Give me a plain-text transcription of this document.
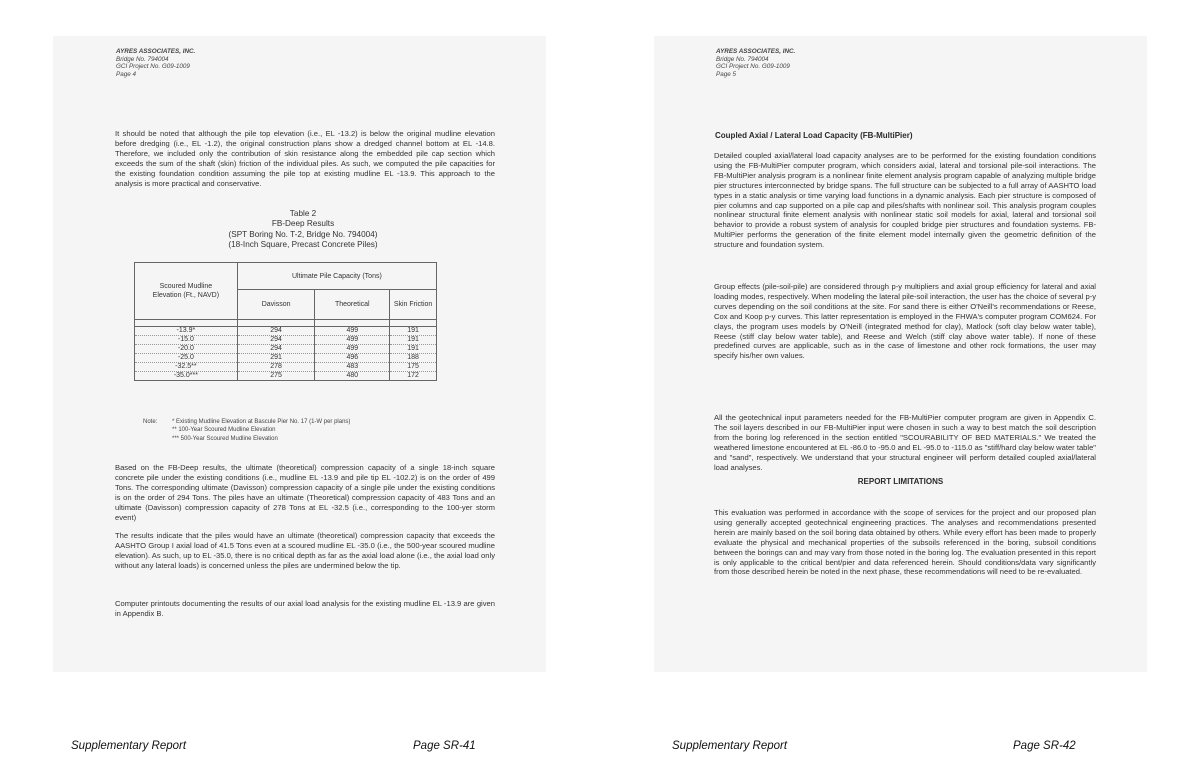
AYRES ASSOCIATES, INC.
Bridge No. 794004
GCI Project No. G09-1009
Page 4

It should be noted that although the pile top elevation (i.e., EL -13.2) is below the original mudline elevation before dredging (i.e., EL -1.2), the original construction plans show a dredged channel bottom at EL -14.8. Therefore, we included only the contribution of skin resistance along the embedded pile cap section which exceeds the sum of the shaft (skin) friction of the individual piles. As such, we computed the pile capacities for the existing foundation condition assuming the pile top at existing mudline EL -13.9. This approach to the analysis is more practical and conservative.

Table 2
FB-Deep Results
(SPT Boring No. T-2, Bridge No. 794004)
(18-Inch Square, Precast Concrete Piles)
Scoured Mudline Elevation (Ft., NAVD)	Ultimate Pile Capacity (Tons)		
	Davisson	Theoretical	Skin Friction

-13.9*	294	499	191
-15.0	294	499	191
-20.0	294	499	191
-25.0	291	496	188
-32.5**	278	483	175
-35.0***	275	480	172
Note: * Existing Mudline Elevation at Bascule Pier No. 17 (1-W per plans)
** 100-Year Scoured Mudline Elevation
*** 500-Year Scoured Mudline Elevation

Based on the FB-Deep results, the ultimate (theoretical) compression capacity of a single 18-inch square concrete pile under the existing conditions (i.e., mudline EL -13.9 and pile tip EL -102.2) is on the order of 499 Tons. The corresponding ultimate (Davisson) compression capacity of a single pile under the existing conditions is on the order of 294 Tons. The piles have an ultimate (Theoretical) compression capacity of 483 Tons and an ultimate (Davisson) compression capacity of 278 Tons at EL -32.5 (i.e., corresponding to the 100-yer storm event)

The results indicate that the piles would have an ultimate (theoretical) compression capacity that exceeds the AASHTO Group I axial load of 41.5 Tons even at a scoured mudline EL -35.0 (i.e., the 500-year scoured mudline elevation). As such, up to EL -35.0, there is no critical depth as far as the axial load alone (i.e., the axial load only without any lateral loads) is concerned unless the piles are undermined below the tip.

Computer printouts documenting the results of our axial load analysis for the existing mudline EL -13.9 are given in Appendix B.

AYRES ASSOCIATES, INC.
Bridge No. 794004
GCI Project No. G09-1009
Page 5
Coupled Axial / Lateral Load Capacity (FB-MultiPier)

Detailed coupled axial/lateral load capacity analyses are to be performed for the existing foundation conditions using the FB-MultiPier computer program, which considers axial, lateral and torsional pile-soil interactions. The FB-MultiPier analysis program is a nonlinear finite element analysis program capable of analyzing multiple bridge pier structures interconnected by bridge spans. The full structure can be subjected to a full array of AASHTO load types in a static analysis or time varying load functions in a dynamic analysis. Each pier structure is composed of pier columns and cap supported on a pile cap and piles/shafts with nonlinear soil. This analysis program couples nonlinear structural finite element analysis with nonlinear static soil models for axial, lateral and torsional soil behavior to provide a robust system of analysis for coupled bridge pier structures and foundation systems. FB-MultiPier performs the generation of the finite element model internally given the geometric definition of the structure and foundation system.

Group effects (pile-soil-pile) are considered through p-y multipliers and axial group efficiency for lateral and axial loading modes, respectively. When modeling the lateral pile-soil interaction, the user has the choice of several p-y curves depending on the soil conditions at the site. For sand there is either O'Neill's recommendations or Reese, Cox and Koop p-y curves. This latter representation is employed in the FHWA's computer program COM624. For clays, the program uses models by O'Neill (integrated method for clay), Matlock (soft clay below water table), Reese (stiff clay below water table), and Reese and Welch (stiff clay above water table). If none of these predefined curves are applicable, such as in the case of limestone and other rock formations, the user may specify his/her own values.

All the geotechnical input parameters needed for the FB-MultiPier computer program are given in Appendix C. The soil layers described in our FB-MultiPier input were chosen in such a way to best match the soil description from the boring log referenced in the section entitled "SCOURABILITY OF BED MATERIALS." We treated the weathered limestone encountered at EL -86.0 to -95.0 and EL -95.0 to -115.0 as "stiff/hard clay below water table" and "sand", respectively. We understand that your structural engineer will perform detailed coupled axial/lateral load analyses.

REPORT LIMITATIONS

This evaluation was performed in accordance with the scope of services for the project and our proposed plan using generally accepted geotechnical engineering practices. The analyses and recommendations presented herein are mainly based on the soil boring data obtained by others. While every effort has been made to properly evaluate the physical and mechanical properties of the subsoils referenced in the boring, subsoil conditions between the borings can and may vary from those noted in the boring log. The evaluation presented in this report is only applicable to the critical bent/pier and data referenced herein. Should conditions/data vary significantly from those described herein be noted in the next phase, these recommendations will need to be re-evaluated.

Supplementary Report	Page SR-41	Supplementary Report	Page SR-42
